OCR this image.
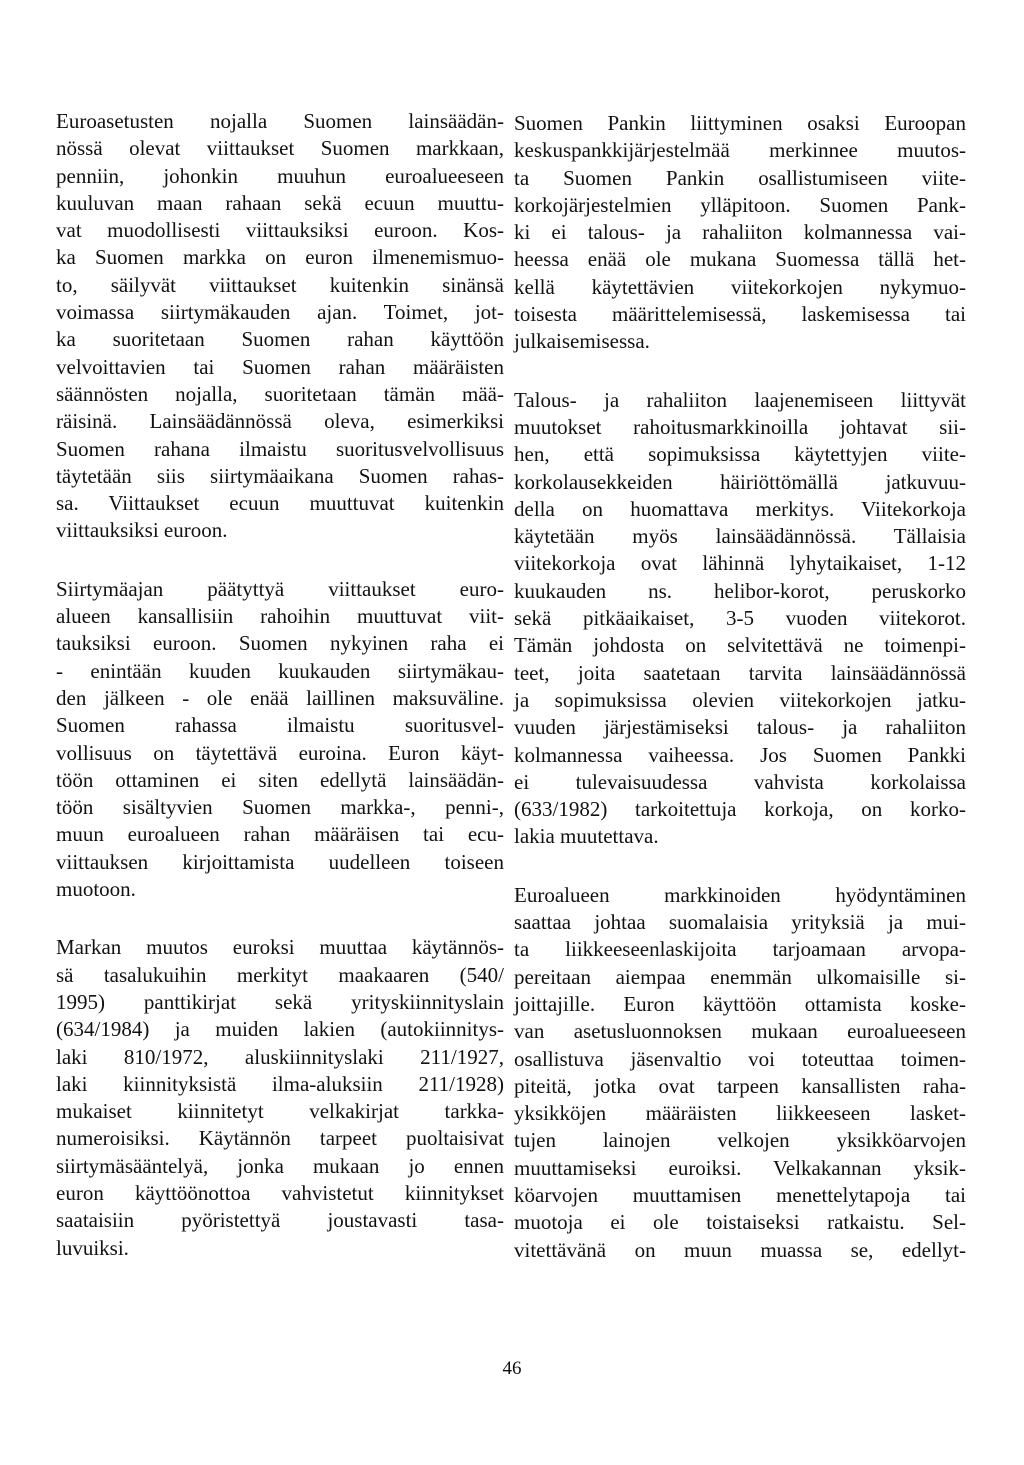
Euroasetusten nojalla Suomen lainsäädän-
nössä olevat viittaukset Suomen markkaan,
penniin, johonkin muuhun euroalueeseen
kuuluvan maan rahaan sekä ecuun muuttu-
vat muodollisesti viittauksiksi euroon. Kos-
ka Suomen markka on euron ilmenemismuo-
to, säilyvät viittaukset kuitenkin sinänsä
voimassa siirtymäkauden ajan. Toimet, jot-
ka suoritetaan Suomen rahan käyttöön
velvoittavien tai Suomen rahan määräisten
säännösten nojalla, suoritetaan tämän mää-
räisinä. Lainsäädännössä oleva, esimerkiksi
Suomen rahana ilmaistu suoritusvelvollisuus
täytetään siis siirtymäaikana Suomen rahas-
sa. Viittaukset ecuun muuttuvat kuitenkin
viittauksiksi euroon.

Siirtymäajan päätyttyä viittaukset euro-
alueen kansallisiin rahoihin muuttuvat viit-
tauksiksi euroon. Suomen nykyinen raha ei
- enintään kuuden kuukauden siirtymäkau-
den jälkeen - ole enää laillinen maksuväline.
Suomen rahassa ilmaistu suoritusvel-
vollisuus on täytettävä euroina. Euron käyt-
töön ottaminen ei siten edellytä lainsäädän-
töön sisältyvien Suomen markka-, penni-,
muun euroalueen rahan määräisen tai ecu-
viittauksen kirjoittamista uudelleen toiseen
muotoon.

Markan muutos euroksi muuttaa käytännös-
sä tasalukuihin merkityt maakaaren (540/
1995) panttikirjat sekä yrityskiinnityslain
(634/1984) ja muiden lakien (autokiinnitys-
laki 810/1972, aluskiinnityslaki 211/1927,
laki kiinnityksistä ilma-aluksiin 211/1928)
mukaiset kiinnitetyt velkakirjat tarkka-
numeroisiksi. Käytännön tarpeet puoltaisivat
siirtymäsääntelyä, jonka mukaan jo ennen
euron käyttöönottoa vahvistetut kiinnitykset
saataisiin pyöristettyä joustavasti tasa-
luvuiksi.

Suomen Pankin liittyminen osaksi Euroopan
keskuspankkijärjestelmää merkinnee muutos-
ta Suomen Pankin osallistumiseen viite-
korkojärjestelmien ylläpitoon. Suomen Pank-
ki ei talous- ja rahaliiton kolmannessa vai-
heessa enää ole mukana Suomessa tällä het-
kellä käytettävien viitekorkojen nykymuo-
toisesta määrittelemisessä, laskemisessa tai
julkaisemisessa.

Talous- ja rahaliiton laajenemiseen liittyvät
muutokset rahoitusmarkkinoilla johtavat sii-
hen, että sopimuksissa käytettyjen viite-
korkolausekkeiden häiriöttömällä jatkuvuu-
della on huomattava merkitys. Viitekorkoja
käytetään myös lainsäädännössä. Tällaisia
viitekorkoja ovat lähinnä lyhytaikaiset, 1-12
kuukauden ns. helibor-korot, peruskorko
sekä pitkäaikaiset, 3-5 vuoden viitekorot.
Tämän johdosta on selvitettävä ne toimenpi-
teet, joita saatetaan tarvita lainsäädännössä
ja sopimuksissa olevien viitekorkojen jatku-
vuuden järjestämiseksi talous- ja rahaliiton
kolmannessa vaiheessa. Jos Suomen Pankki
ei tulevaisuudessa vahvista korkolaissa
(633/1982) tarkoitettuja korkoja, on korko-
lakia muutettava.

Euroalueen markkinoiden hyödyntäminen
saattaa johtaa suomalaisia yrityksiä ja mui-
ta liikkeeseenlaskijoita tarjoamaan arvopa-
pereitaan aiempaa enemmän ulkomaisille si-
joittajille. Euron käyttöön ottamista koske-
van asetusluonnoksen mukaan euroalueeseen
osallistuva jäsenvaltio voi toteuttaa toimen-
piteitä, jotka ovat tarpeen kansallisten raha-
yksikköjen määräisten liikkeeseen lasket-
tujen lainojen velkojen yksikköarvojen
muuttamiseksi euroiksi. Velkakannan yksik-
köarvojen muuttamisen menettelytapoja tai
muotoja ei ole toistaiseksi ratkaistu. Sel-
vitettävänä on muun muassa se, edellyt-

46
